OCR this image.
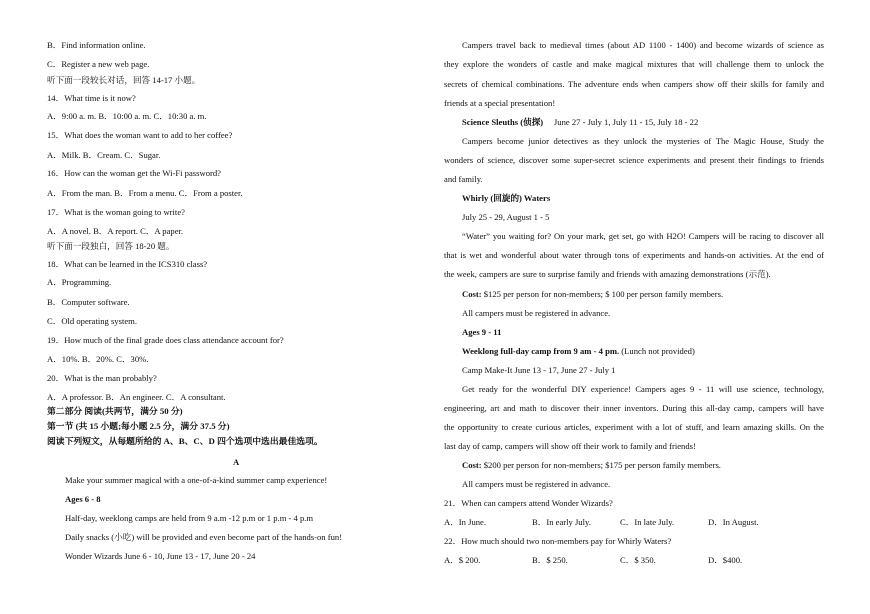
第二部分 阅读(共两节，满分 50 分)
第一节 (共 15 小题;每小题 2.5 分，满分 37.5 分)
阅读下列短文，从每题所给的 A、B、C、D 四个选项中选出最佳选项。
A
Make your summer magical with a one-of-a-kind summer camp experience!
Ages 6 - 8
Half-day, weeklong camps are held from 9 a.m -12 p.m or 1 p.m - 4 p.m
Daily snacks (小吃) will be provided and even become part of the hands-on fun!
Wonder Wizards June 6 - 10, June 13 - 17, June 20 - 24
B．Find information online.
C．Register a new web page.
听下面一段较长对话，回答 14-17 小题。
14．What time is it now?
A．9:00 a. m. B．10:00 a. m. C．10:30 a. m.
15．What does the woman want to add to her coffee?
A．Milk. B．Cream. C．Sugar.
16．How can the woman get the Wi-Fi password?
A．From the man. B．From a menu. C．From a poster.
17．What is the woman going to write?
A．A novel. B．A report. C．A paper.
听下面一段独白，回答 18-20 题。
18．What can be learned in the ICS310 class?
A．Programming.
B．Computer software.
C．Old operating system.
19．How much of the final grade does class attendance account for?
A．10%. B．20%. C．30%.
20．What is the man probably?
A．A professor. B．An engineer. C．A consultant.
Campers travel back to medieval times (about AD 1100 - 1400) and become wizards of science as
they explore the wonders of castle and make magical mixtures that will challenge them to unlock the
secrets of chemical combinations. The adventure ends when campers show off their skills for family and
friends at a special presentation!
Science Sleuths (侦探) June 27 - July 1, July 11 - 15, July 18 - 22
Campers become junior detectives as they unlock the mysteries of The Magic House, Study the
wonders of science, discover some super-secret science experiments and present their findings to friends
and family.
Whirly (回旋的) Waters
July 25 - 29, August 1 - 5
“Water” you waiting for? On your mark, get set, go with H2O! Campers will be racing to discover all
that is wet and wonderful about water through tons of experiments and hands-on activities. At the end of
the week, campers are sure to surprise family and friends with amazing demonstrations (示范).
Cost: $125 per person for non-members; $ 100 per person family members.
All campers must be registered in advance.
Ages 9 - 11
Weeklong full-day camp from 9 am - 4 pm. (Lunch not provided)
Camp Make-It June 13 - 17, June 27 - July 1
Get ready for the wonderful DIY experience! Campers ages 9 - 11 will use science, technology,
engineering, art and math to discover their inner inventors. During this all-day camp, campers will have
the opportunity to create curious articles, experiment with a lot of stuff, and learn amazing skills. On the
last day of camp, campers will show off their work to family and friends!
Cost: $200 per person for non-members; $175 per person family members.
All campers must be registered in advance.
21．When can campers attend Wonder Wizards?
A．In June.	B．In early July.	C．In late July.	D．In August.
22．How much should two non-members pay for Whirly Waters?
A．$ 200.	B．$ 250.	C．$ 350.	D．$400.
